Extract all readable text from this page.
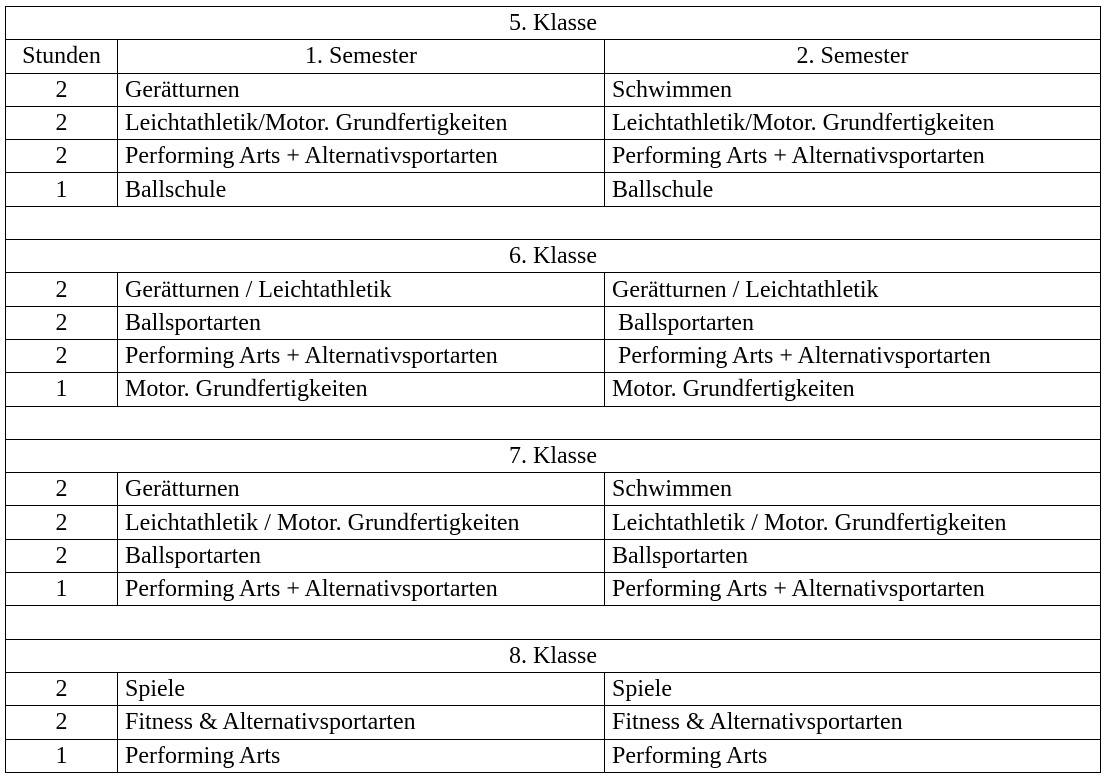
5. Klasse		
Stunden	1. Semester	2. Semester
2	Gerätturnen	Schwimmen
2	Leichtathletik/Motor. Grundfertigkeiten	Leichtathletik/Motor. Grundfertigkeiten
2	Performing Arts + Alternativsportarten	Performing Arts + Alternativsportarten
1	Ballschule	Ballschule

6. Klasse		
2	Gerätturnen / Leichtathletik	Gerätturnen / Leichtathletik
2	Ballsportarten	Ballsportarten
2	Performing Arts + Alternativsportarten	Performing Arts + Alternativsportarten
1	Motor. Grundfertigkeiten	Motor. Grundfertigkeiten

7. Klasse		
2	Gerätturnen	Schwimmen
2	Leichtathletik / Motor. Grundfertigkeiten	Leichtathletik / Motor. Grundfertigkeiten
2	Ballsportarten	Ballsportarten
1	Performing Arts + Alternativsportarten	Performing Arts + Alternativsportarten

8. Klasse		
2	Spiele	Spiele
2	Fitness & Alternativsportarten	Fitness & Alternativsportarten
1	Performing Arts	Performing Arts
